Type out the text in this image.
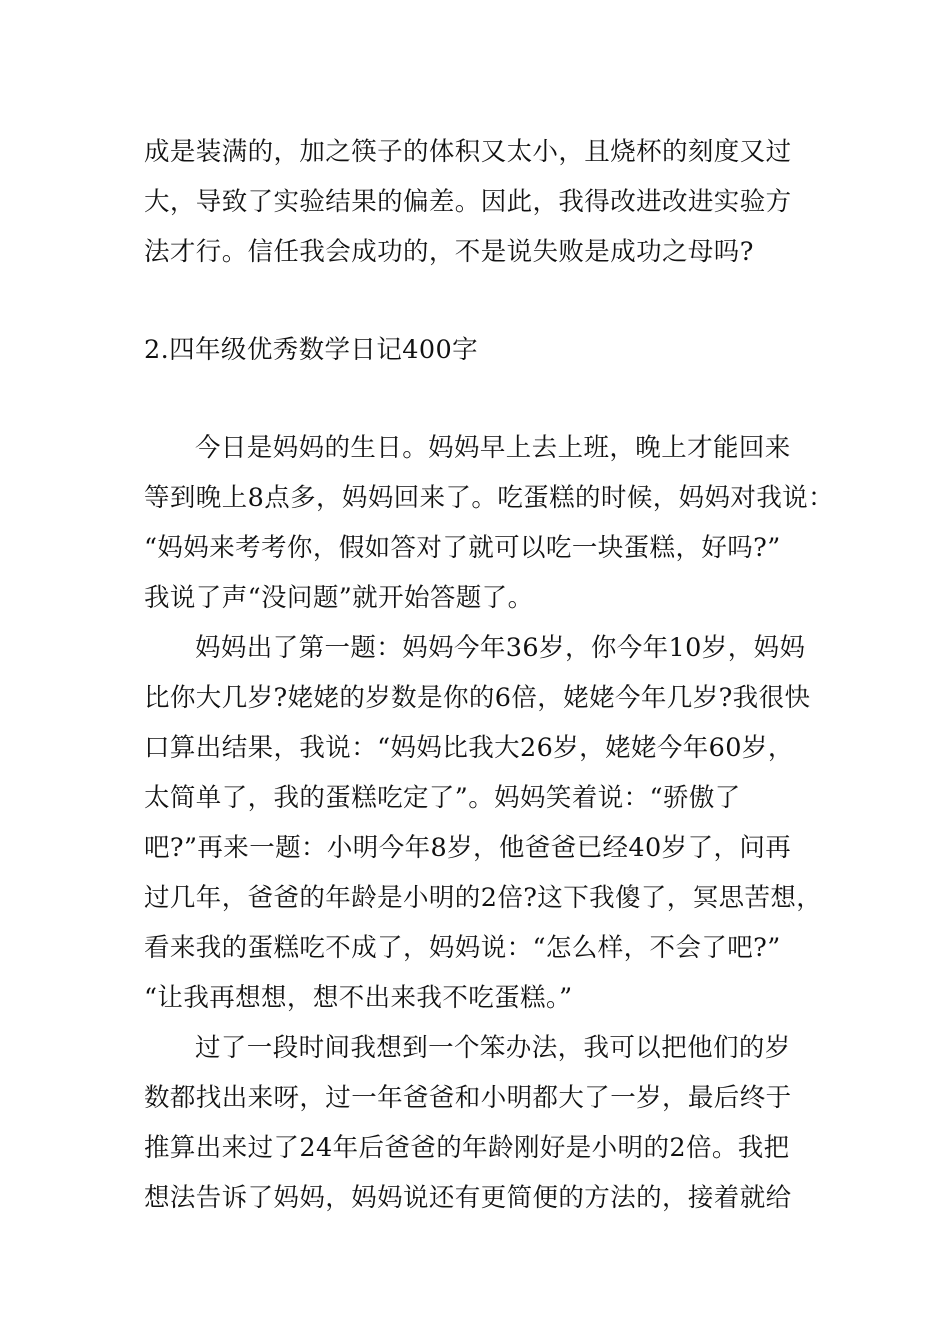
成是装满的，加之筷子的体积又太小，且烧杯的刻度又过
大，导致了实验结果的偏差。因此，我得改进改进实验方
法才行。信任我会成功的，不是说失败是成功之母吗?
2.四年级优秀数学日记400字
今日是妈妈的生日。妈妈早上去上班，晚上才能回来
等到晚上8点多，妈妈回来了。吃蛋糕的时候，妈妈对我说：
“妈妈来考考你，假如答对了就可以吃一块蛋糕，好吗?”
我说了声“没问题”就开始答题了。
妈妈出了第一题：妈妈今年36岁，你今年10岁，妈妈
比你大几岁?姥姥的岁数是你的6倍，姥姥今年几岁?我很快
口算出结果，我说：“妈妈比我大26岁，姥姥今年60岁，
太简单了，我的蛋糕吃定了”。妈妈笑着说：“骄傲了
吧?”再来一题：小明今年8岁，他爸爸已经40岁了，问再
过几年，爸爸的年龄是小明的2倍?这下我傻了，冥思苦想，
看来我的蛋糕吃不成了，妈妈说：“怎么样，不会了吧?”
“让我再想想，想不出来我不吃蛋糕。”
过了一段时间我想到一个笨办法，我可以把他们的岁
数都找出来呀，过一年爸爸和小明都大了一岁，最后终于
推算出来过了24年后爸爸的年龄刚好是小明的2倍。我把
想法告诉了妈妈，妈妈说还有更简便的方法的，接着就给
